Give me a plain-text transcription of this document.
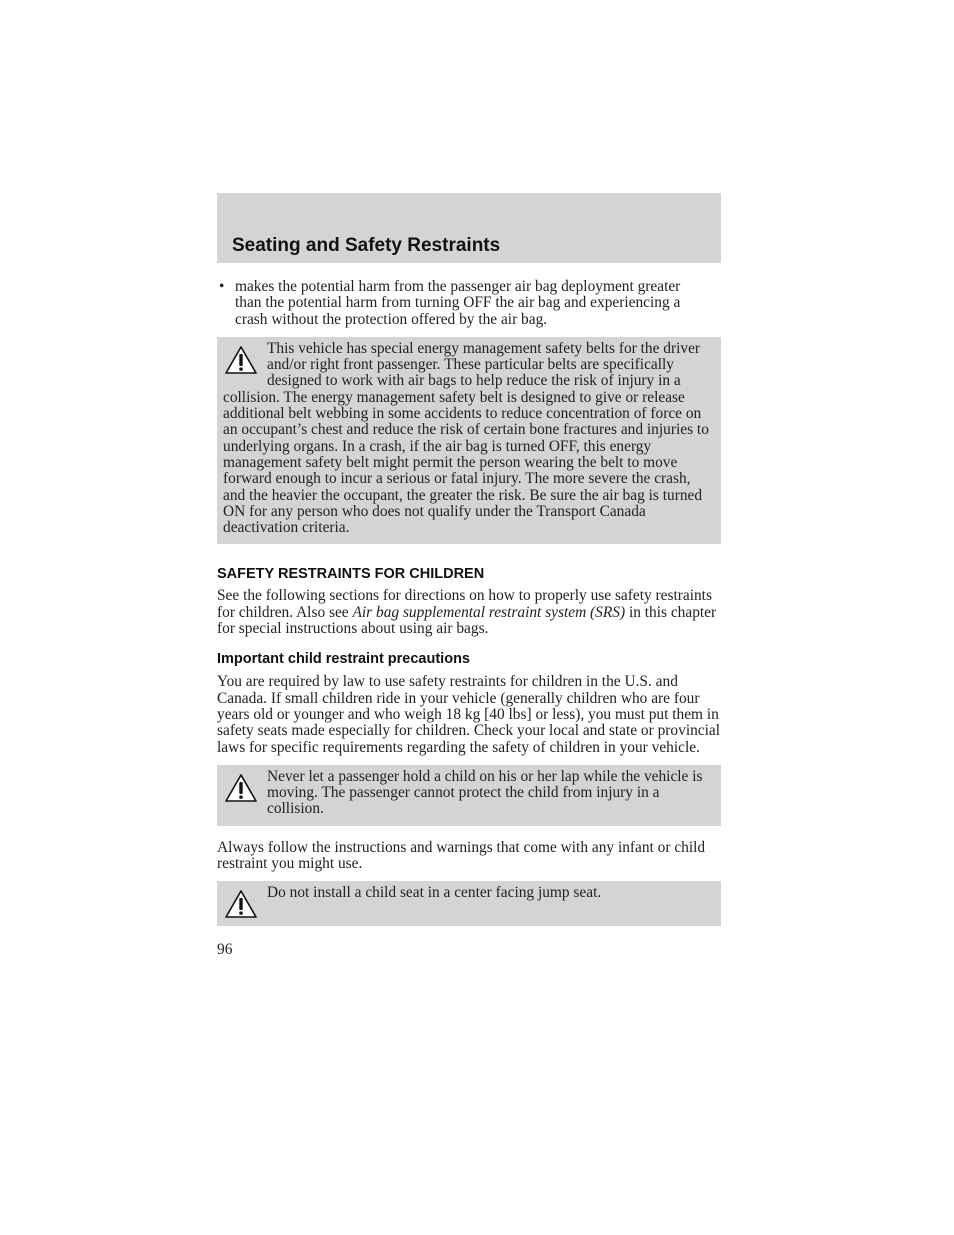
Seating and Safety Restraints
• makes the potential harm from the passenger air bag deployment greater than the potential harm from turning OFF the air bag and experiencing a crash without the protection offered by the air bag.
This vehicle has special energy management safety belts for the driver and/or right front passenger. These particular belts are specifically designed to work with air bags to help reduce the risk of injury in a collision. The energy management safety belt is designed to give or release additional belt webbing in some accidents to reduce concentration of force on an occupant’s chest and reduce the risk of certain bone fractures and injuries to underlying organs. In a crash, if the air bag is turned OFF, this energy management safety belt might permit the person wearing the belt to move forward enough to incur a serious or fatal injury. The more severe the crash, and the heavier the occupant, the greater the risk. Be sure the air bag is turned ON for any person who does not qualify under the Transport Canada deactivation criteria.
SAFETY RESTRAINTS FOR CHILDREN
See the following sections for directions on how to properly use safety restraints for children. Also see Air bag supplemental restraint system (SRS) in this chapter for special instructions about using air bags.
Important child restraint precautions
You are required by law to use safety restraints for children in the U.S. and Canada. If small children ride in your vehicle (generally children who are four years old or younger and who weigh 18 kg [40 lbs] or less), you must put them in safety seats made especially for children. Check your local and state or provincial laws for specific requirements regarding the safety of children in your vehicle.
Never let a passenger hold a child on his or her lap while the vehicle is moving. The passenger cannot protect the child from injury in a collision.
Always follow the instructions and warnings that come with any infant or child restraint you might use.
Do not install a child seat in a center facing jump seat.
96
